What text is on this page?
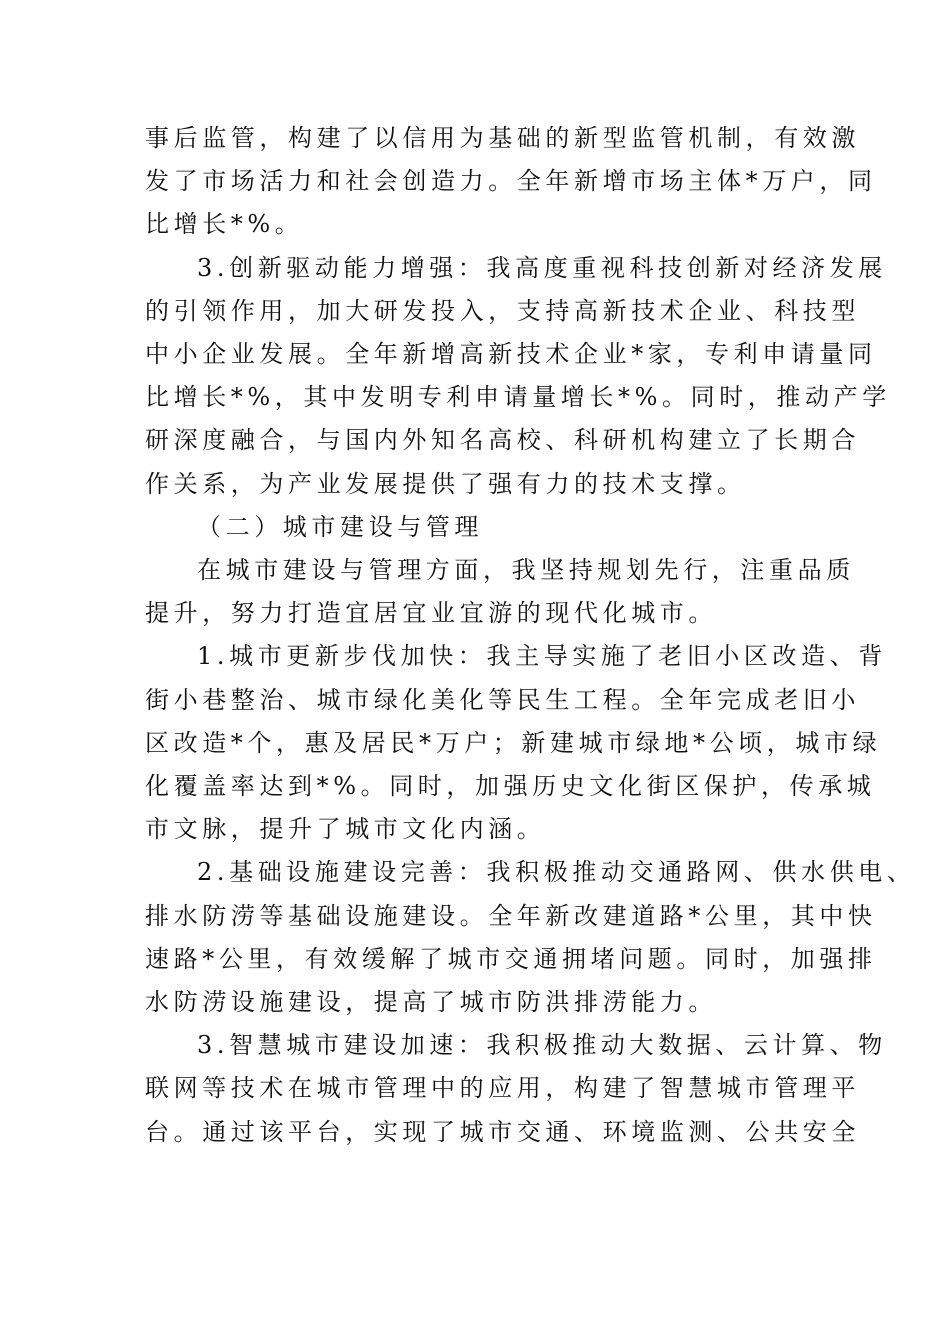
事后监管，构建了以信用为基础的新型监管机制，有效激
发了市场活力和社会创造力。全年新增市场主体*万户，同
比增长*%。

3.创新驱动能力增强：我高度重视科技创新对经济发展
的引领作用，加大研发投入，支持高新技术企业、科技型
中小企业发展。全年新增高新技术企业*家，专利申请量同
比增长*%，其中发明专利申请量增长*%。同时，推动产学
研深度融合，与国内外知名高校、科研机构建立了长期合
作关系，为产业发展提供了强有力的技术支撑。

（二）城市建设与管理

在城市建设与管理方面，我坚持规划先行，注重品质
提升，努力打造宜居宜业宜游的现代化城市。

1.城市更新步伐加快：我主导实施了老旧小区改造、背
街小巷整治、城市绿化美化等民生工程。全年完成老旧小
区改造*个，惠及居民*万户；新建城市绿地*公顷，城市绿
化覆盖率达到*%。同时，加强历史文化街区保护，传承城
市文脉，提升了城市文化内涵。

2.基础设施建设完善：我积极推动交通路网、供水供电、
排水防涝等基础设施建设。全年新改建道路*公里，其中快
速路*公里，有效缓解了城市交通拥堵问题。同时，加强排
水防涝设施建设，提高了城市防洪排涝能力。

3.智慧城市建设加速：我积极推动大数据、云计算、物
联网等技术在城市管理中的应用，构建了智慧城市管理平
台。通过该平台，实现了城市交通、环境监测、公共安全
